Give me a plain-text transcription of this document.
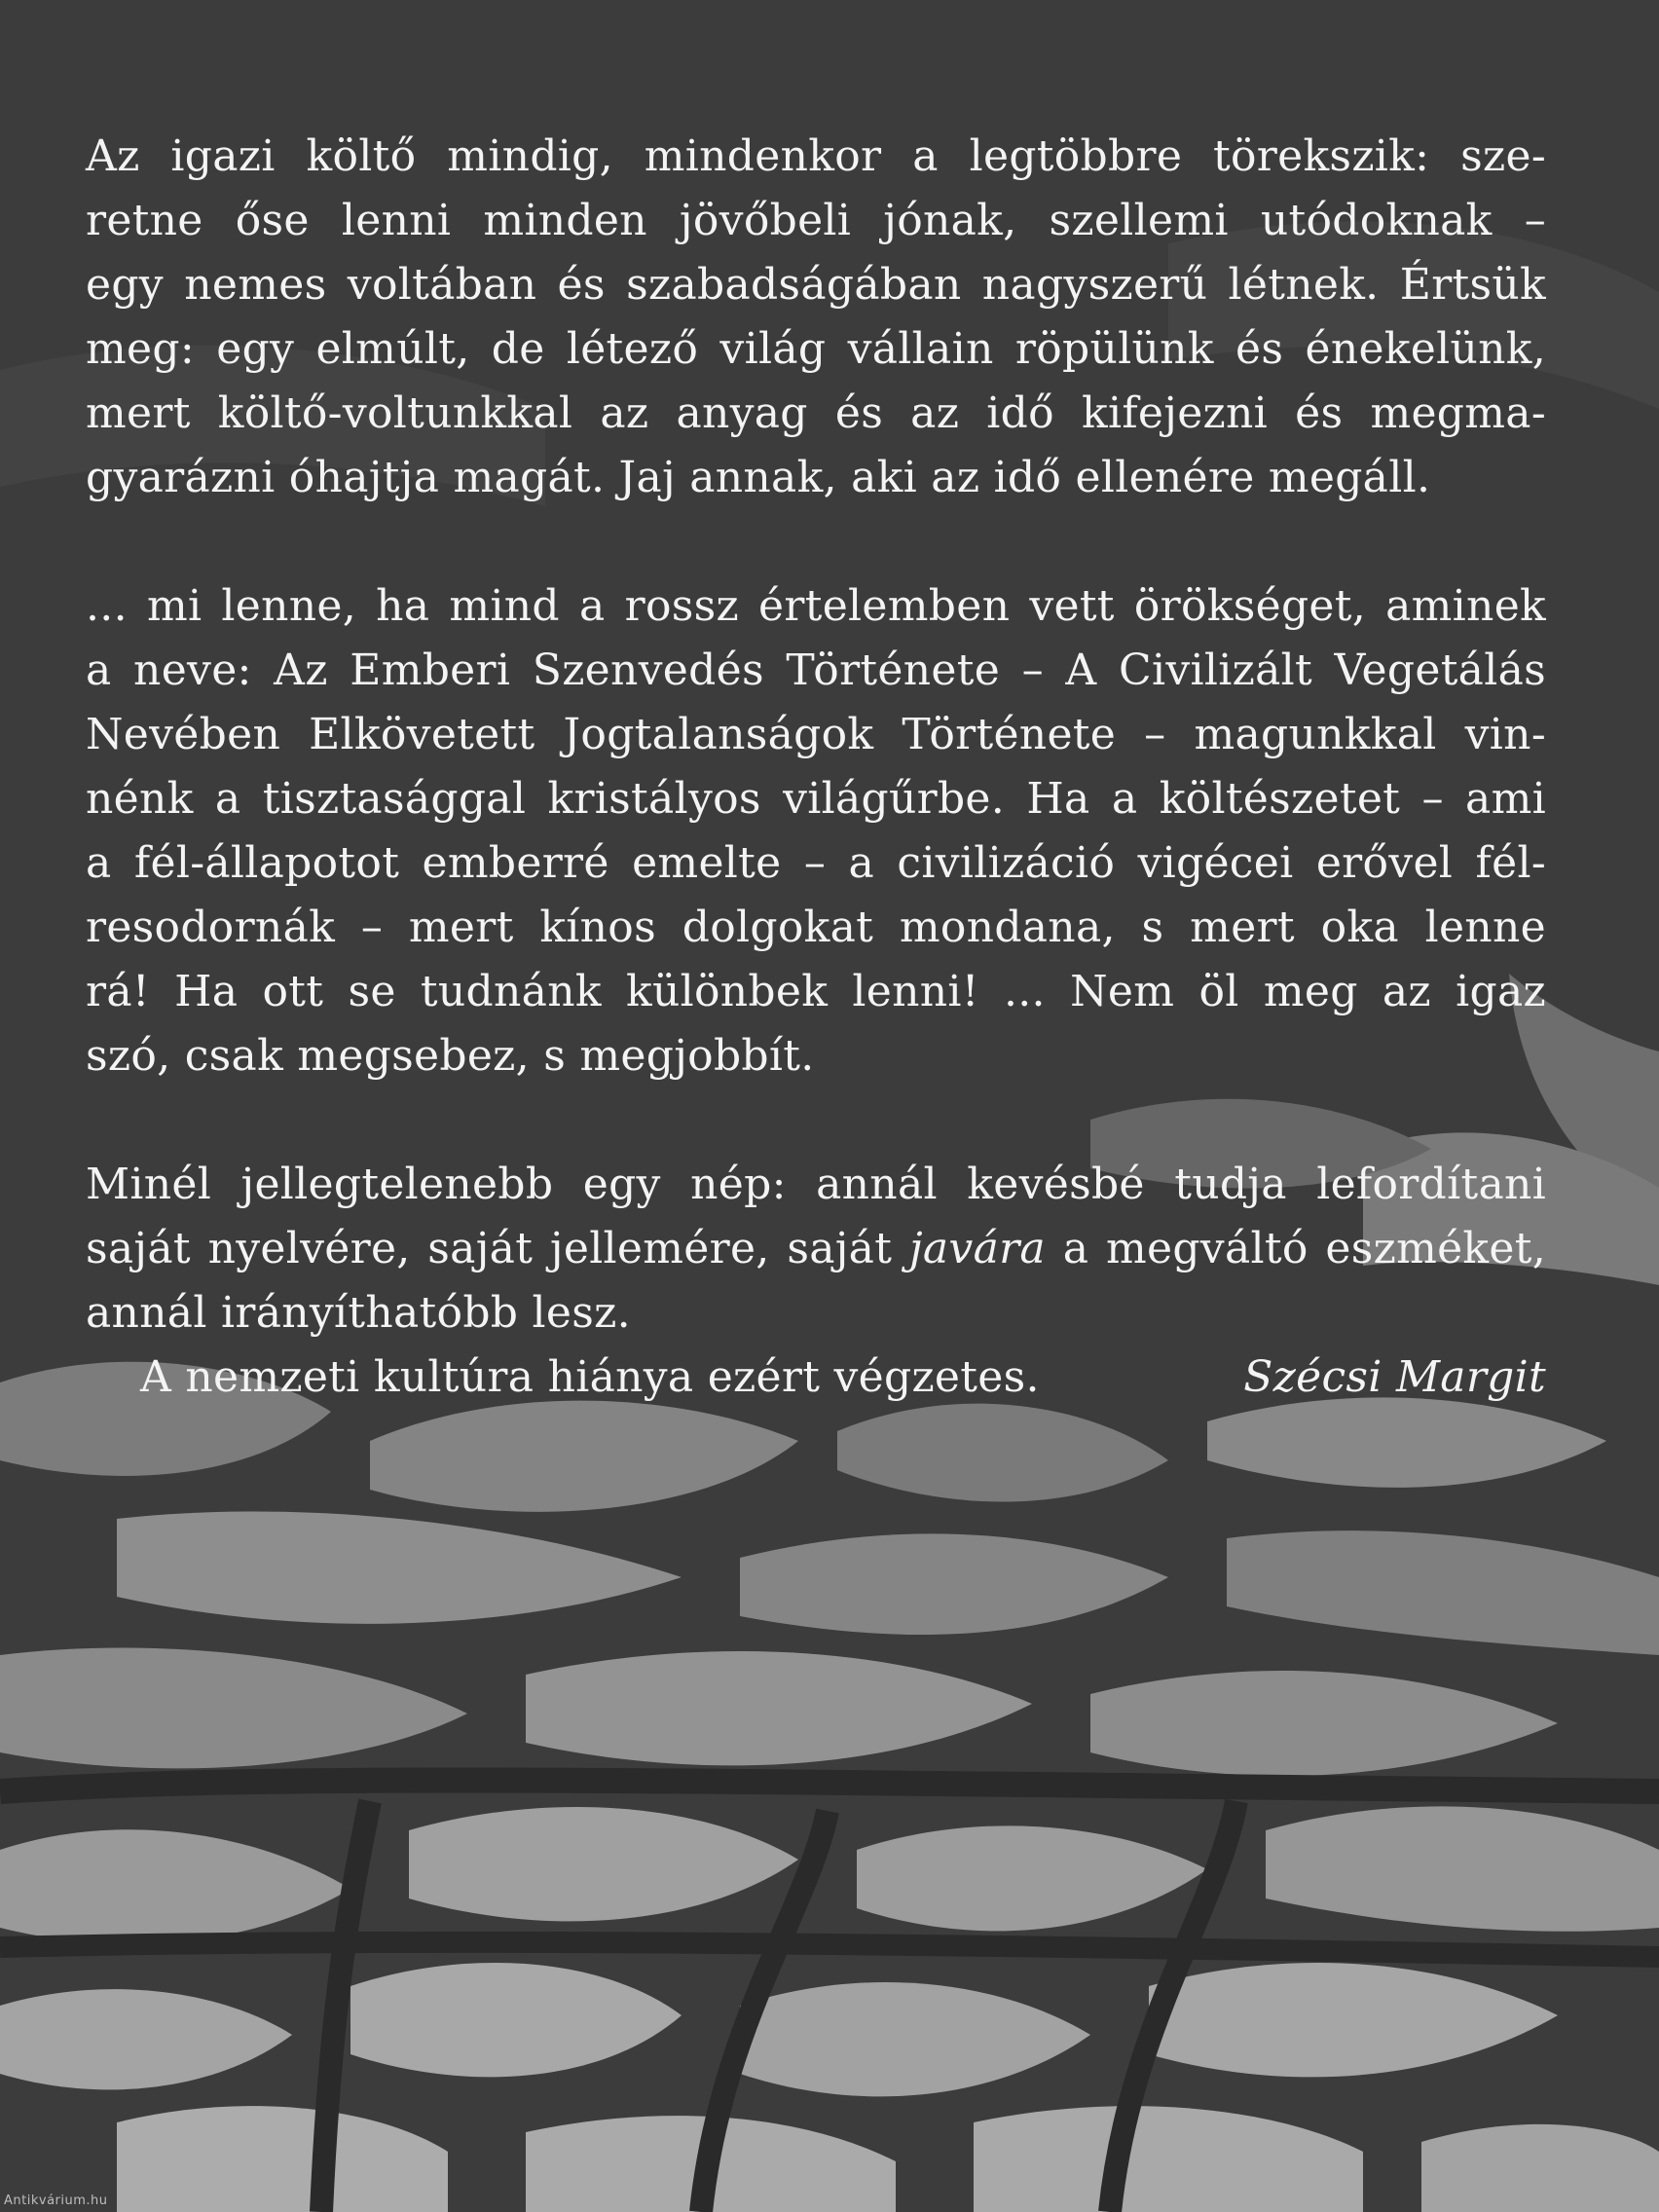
Az igazi költő mindig, mindenkor a legtöbbre törekszik: sze-
retne őse lenni minden jövőbeli jónak, szellemi utódoknak –
egy nemes voltában és szabadságában nagyszerű létnek. Értsük
meg: egy elmúlt, de létező világ vállain röpülünk és énekelünk,
mert költő-voltunkkal az anyag és az idő kifejezni és megma-
gyarázni óhajtja magát. Jaj annak, aki az idő ellenére megáll.
... mi lenne, ha mind a rossz értelemben vett örökséget, aminek
a neve: Az Emberi Szenvedés Története – A Civilizált Vegetálás
Nevében Elkövetett Jogtalanságok Története – magunkkal vin-
nénk a tisztasággal kristályos világűrbe. Ha a költészetet – ami
a fél-állapotot emberré emelte – a civilizáció vigécei erővel fél-
resodornák – mert kínos dolgokat mondana, s mert oka lenne
rá! Ha ott se tudnánk különbek lenni! ... Nem öl meg az igaz
szó, csak megsebez, s megjobbít.
Minél jellegtelenebb egy nép: annál kevésbé tudja lefordítani
saját nyelvére, saját jellemére, saját javára a megváltó eszméket,
annál irányíthatóbb lesz.
A nemzeti kultúra hiánya ezért végzetes.	Szécsi Margit
Antikvárium.hu
